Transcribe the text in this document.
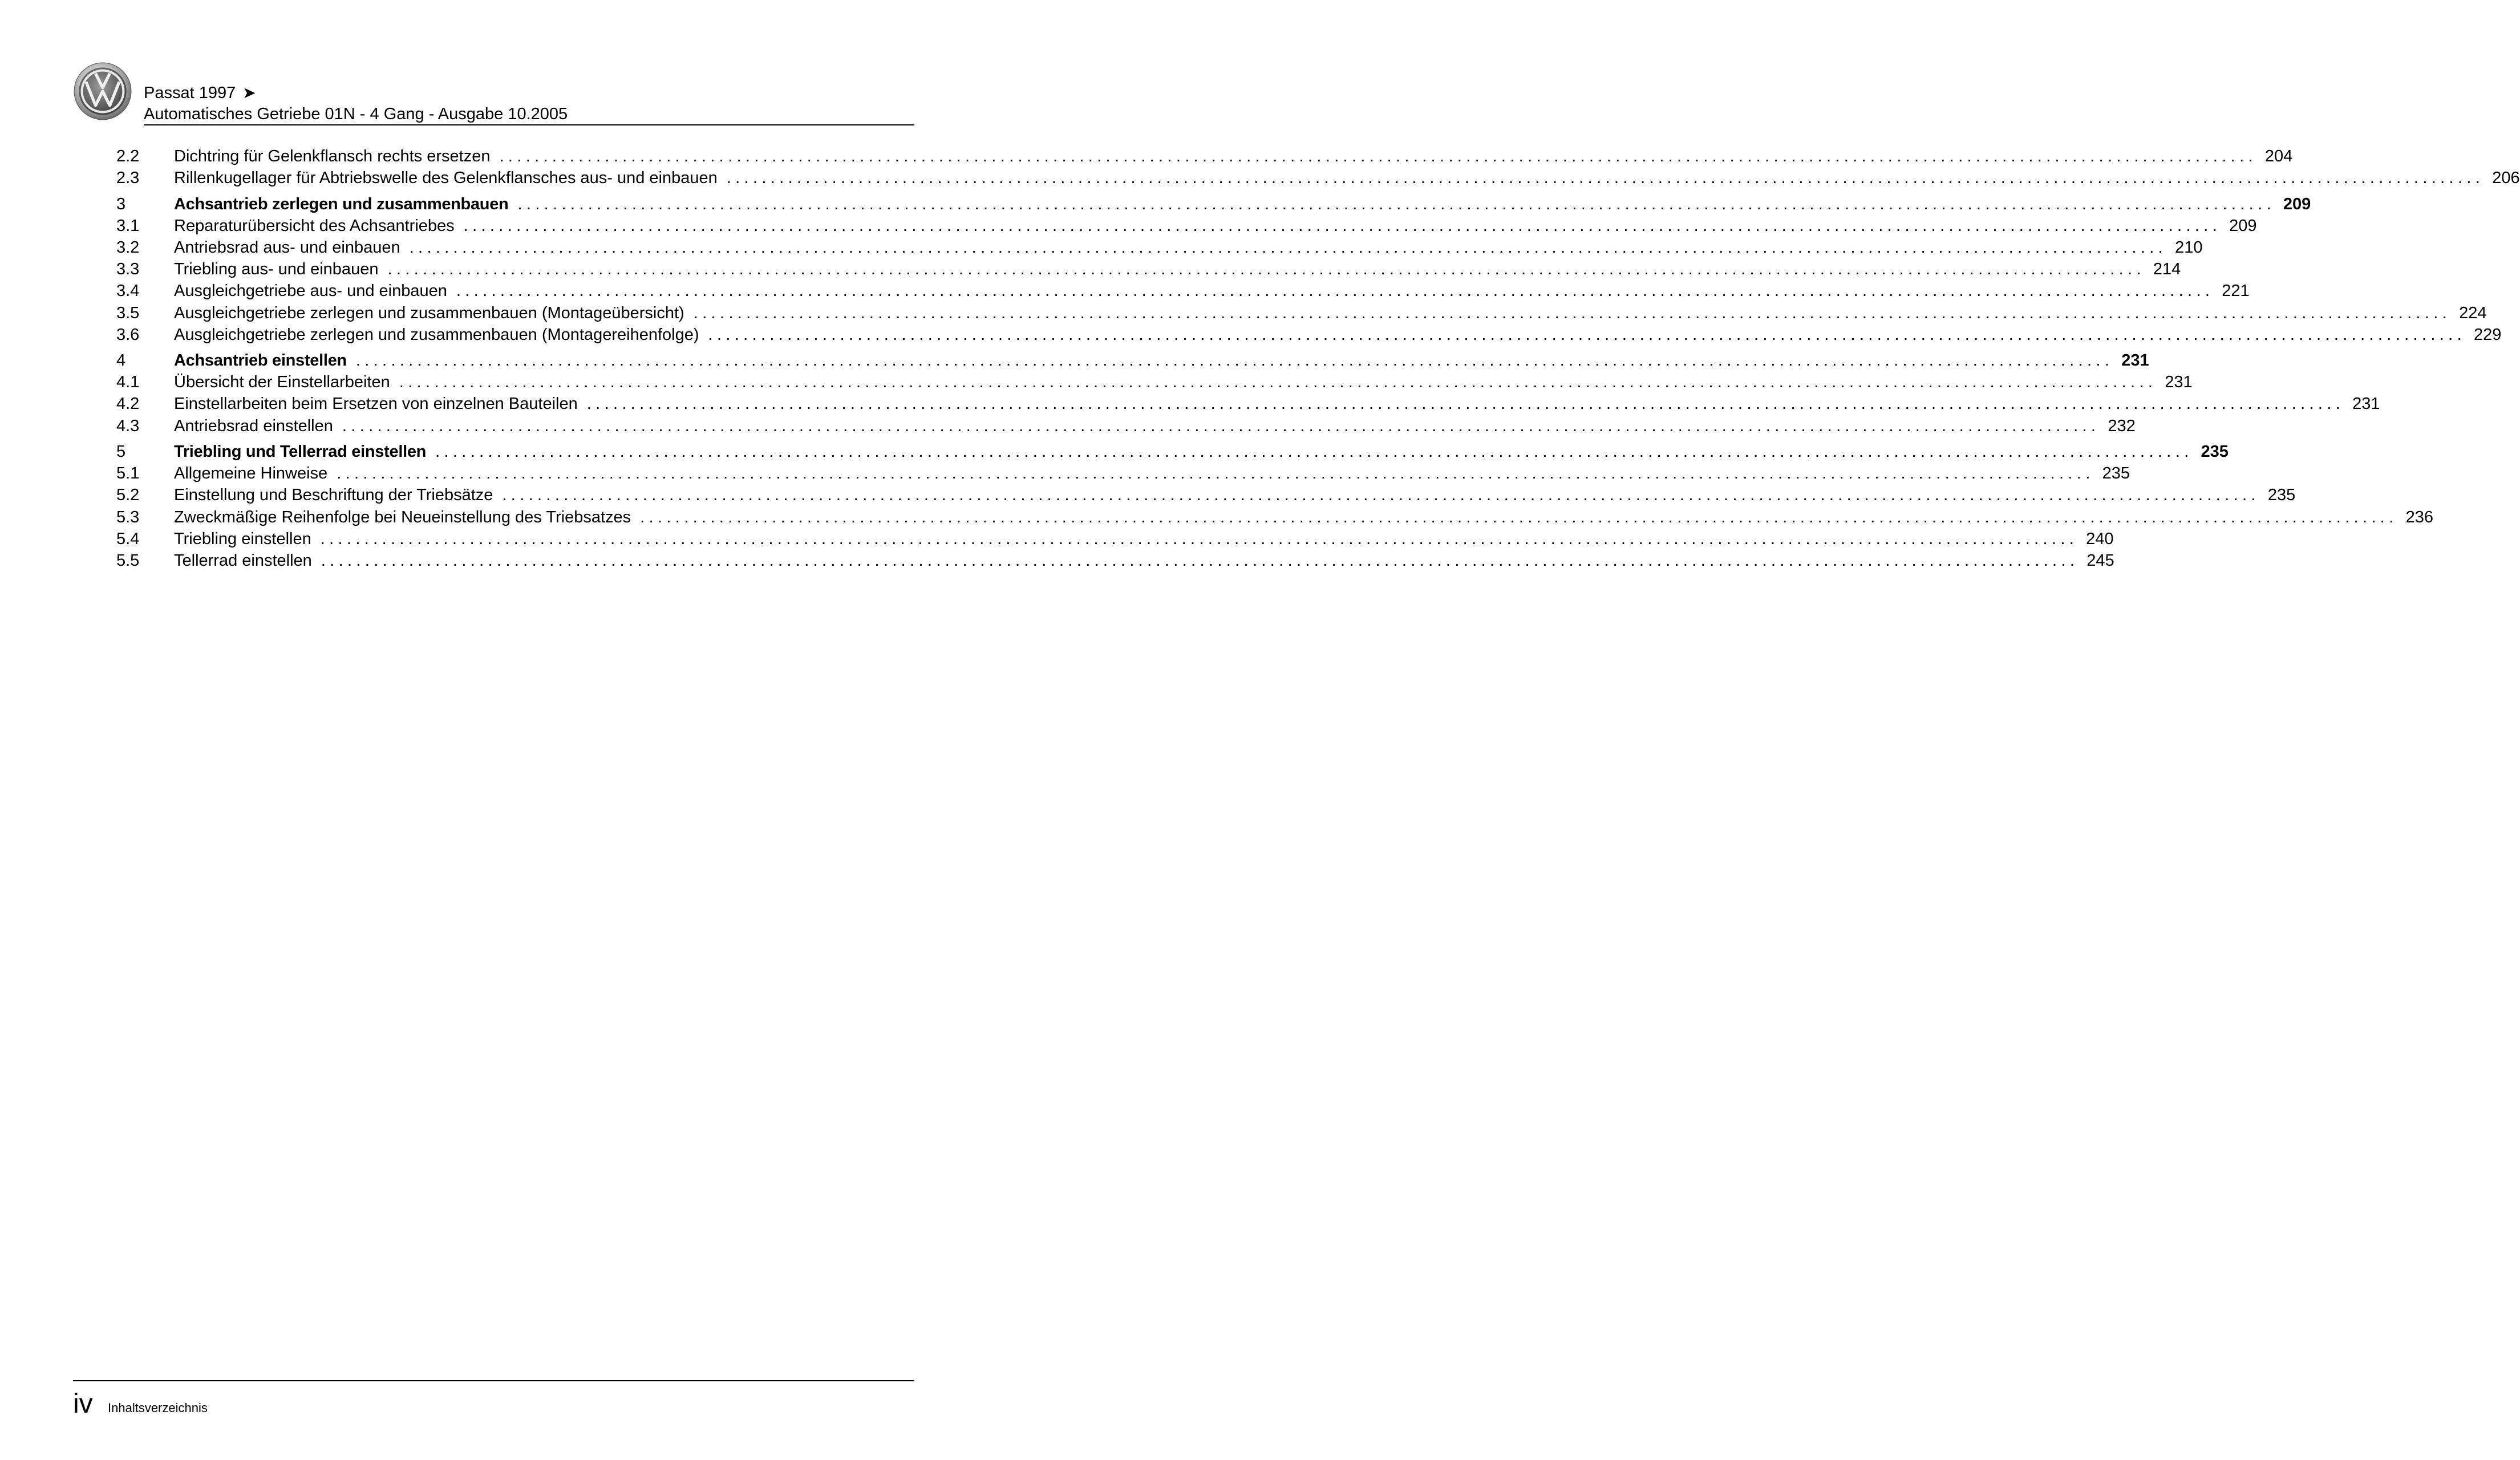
Passat 1997 ➤
Automatisches Getriebe 01N - 4 Gang - Ausgabe 10.2005
2.2	Dichtring für Gelenkflansch rechts ersetzen ........................................................................................................................................................................................................ 204
2.3	Rillenkugellager für Abtriebswelle des Gelenkflansches aus- und einbauen ........................................................................................................................................................................................................ 206
3	Achsantrieb zerlegen und zusammenbauen ........................................................................................................................................................................................................ 209
3.1	Reparaturübersicht des Achsantriebes ........................................................................................................................................................................................................ 209
3.2	Antriebsrad aus- und einbauen ........................................................................................................................................................................................................ 210
3.3	Triebling aus- und einbauen ........................................................................................................................................................................................................ 214
3.4	Ausgleichgetriebe aus- und einbauen ........................................................................................................................................................................................................ 221
3.5	Ausgleichgetriebe zerlegen und zusammenbauen (Montageübersicht) ........................................................................................................................................................................................................ 224
3.6	Ausgleichgetriebe zerlegen und zusammenbauen (Montagereihenfolge) ........................................................................................................................................................................................................ 229
4	Achsantrieb einstellen ........................................................................................................................................................................................................ 231
4.1	Übersicht der Einstellarbeiten ........................................................................................................................................................................................................ 231
4.2	Einstellarbeiten beim Ersetzen von einzelnen Bauteilen ........................................................................................................................................................................................................ 231
4.3	Antriebsrad einstellen ........................................................................................................................................................................................................ 232
5	Triebling und Tellerrad einstellen ........................................................................................................................................................................................................ 235
5.1	Allgemeine Hinweise ........................................................................................................................................................................................................ 235
5.2	Einstellung und Beschriftung der Triebsätze ........................................................................................................................................................................................................ 235
5.3	Zweckmäßige Reihenfolge bei Neueinstellung des Triebsatzes ........................................................................................................................................................................................................ 236
5.4	Triebling einstellen ........................................................................................................................................................................................................ 240
5.5	Tellerrad einstellen ........................................................................................................................................................................................................ 245
iv Inhaltsverzeichnis
